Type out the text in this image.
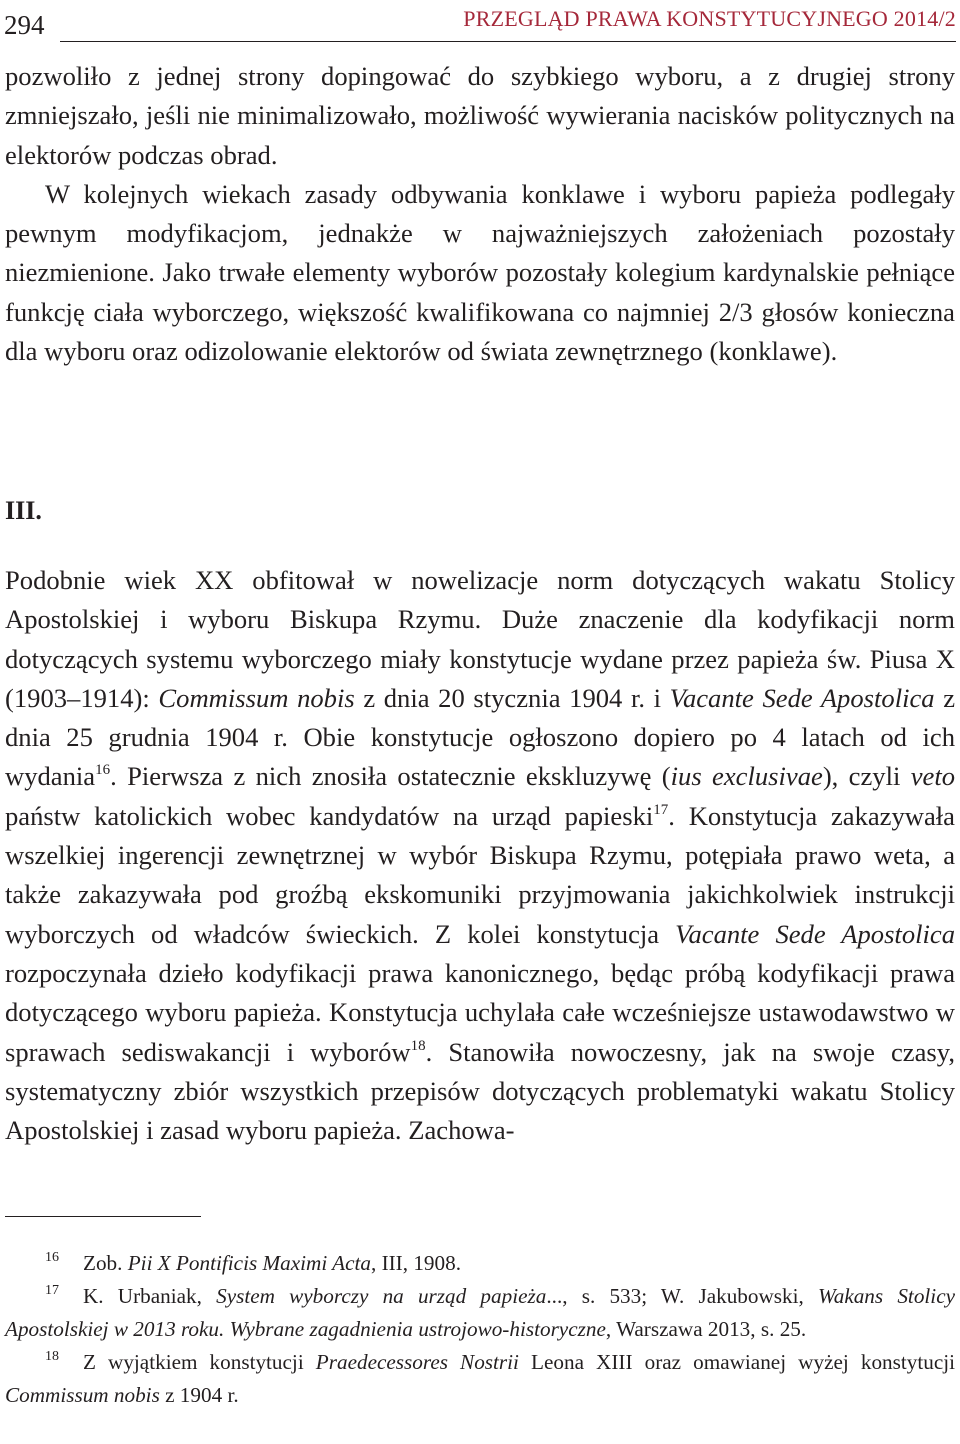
294	PRZEGLĄD PRAWA KONSTYTUCYJNEGO 2014/2

pozwoliło z jednej strony dopingować do szybkiego wyboru, a z drugiej strony zmniejszało, jeśli nie minimalizowało, możliwość wywierania nacisków politycznych na elektorów podczas obrad.

W kolejnych wiekach zasady odbywania konklawe i wyboru papieża podlegały pewnym modyfikacjom, jednakże w najważniejszych założeniach pozostały niezmienione. Jako trwałe elementy wyborów pozostały kolegium kardynalskie pełniące funkcję ciała wyborczego, większość kwalifikowana co najmniej 2/3 głosów konieczna dla wyboru oraz odizolowanie elektorów od świata zewnętrznego (konklawe).

III.

Podobnie wiek XX obfitował w nowelizacje norm dotyczących wakatu Stolicy Apostolskiej i wyboru Biskupa Rzymu. Duże znaczenie dla kodyfikacji norm dotyczących systemu wyborczego miały konstytucje wydane przez papieża św. Piusa X (1903–1914): Commissum nobis z dnia 20 stycznia 1904 r. i Vacante Sede Apostolica z dnia 25 grudnia 1904 r. Obie konstytucje ogłoszono dopiero po 4 latach od ich wydania$^{16}$. Pierwsza z nich znosiła ostatecznie ekskluzywę (ius exclusivae), czyli veto państw katolickich wobec kandydatów na urząd papieski$^{17}$. Konstytucja zakazywała wszelkiej ingerencji zewnętrznej w wybór Biskupa Rzymu, potępiała prawo weta, a także zakazywała pod groźbą ekskomuniki przyjmowania jakichkolwiek instrukcji wyborczych od władców świeckich. Z kolei konstytucja Vacante Sede Apostolica rozpoczynała dzieło kodyfikacji prawa kanonicznego, będąc próbą kodyfikacji prawa dotyczącego wyboru papieża. Konstytucja uchylała całe wcześniejsze ustawodawstwo w sprawach sediswakancji i wyborów$^{18}$. Stanowiła nowoczesny, jak na swoje czasy, systematyczny zbiór wszystkich przepisów dotyczących problematyki wakatu Stolicy Apostolskiej i zasad wyboru papieża. Zachowa-

16 Zob. Pii X Pontificis Maximi Acta, III, 1908.

17 K. Urbaniak, System wyborczy na urząd papieża..., s. 533; W. Jakubowski, Wakans Stolicy Apostolskiej w 2013 roku. Wybrane zagadnienia ustrojowo-historyczne, Warszawa 2013, s. 25.

18 Z wyjątkiem konstytucji Praedecessores Nostrii Leona XIII oraz omawianej wyżej konstytucji Commissum nobis z 1904 r.
